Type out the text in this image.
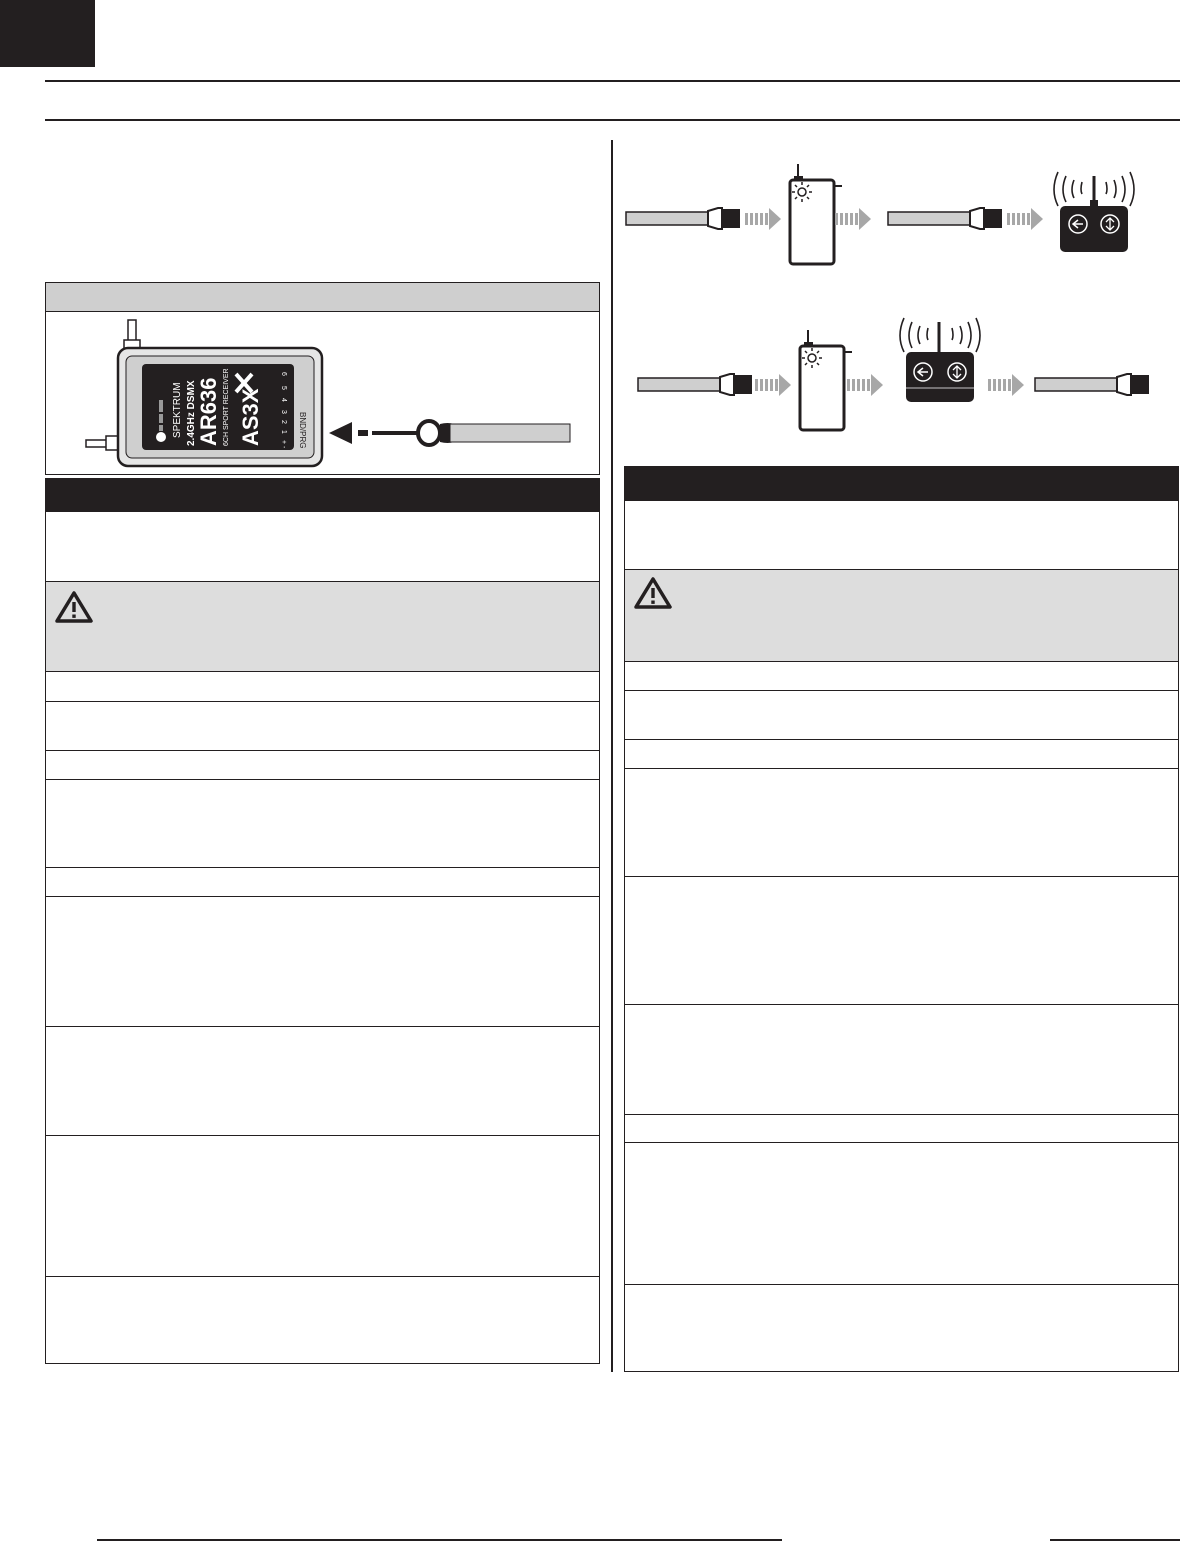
SPEKTRUM 2.4GHz DSMX AR636 6CH SPORT RECEIVER AS3X
6
5
4
3
2
1
+ - BND/PRG
